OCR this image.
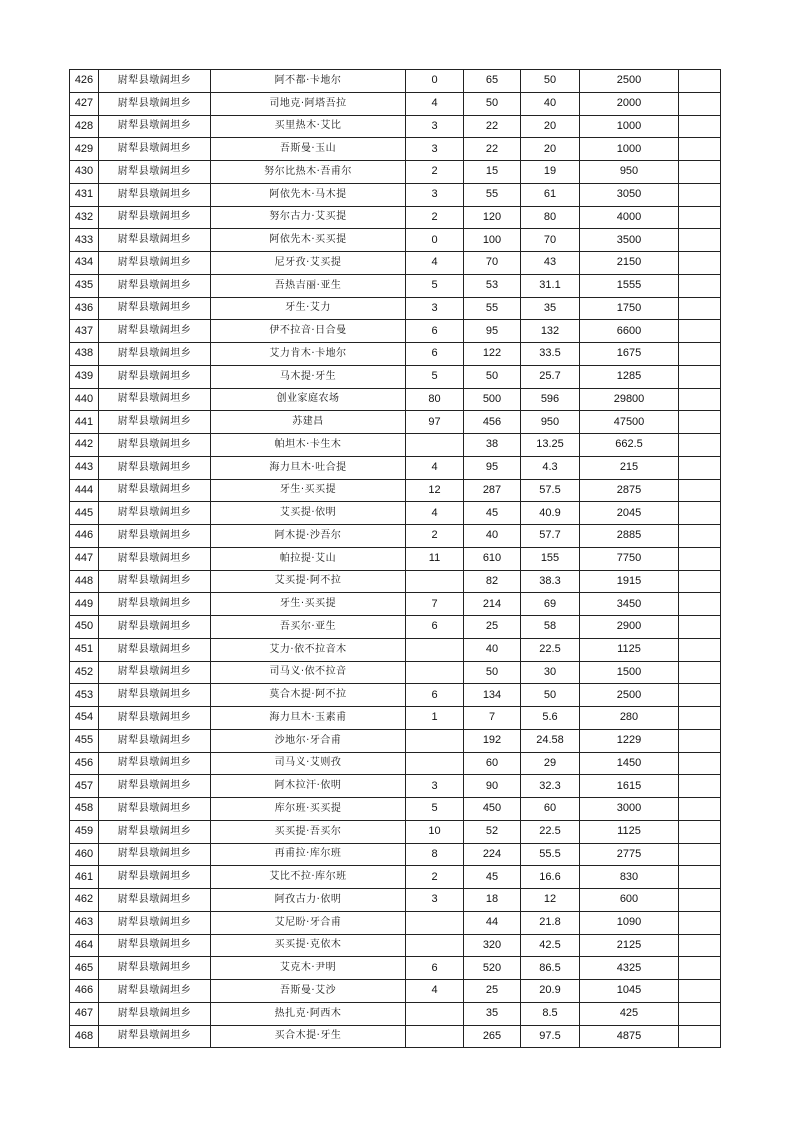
426	尉犁县墩阔坦乡	阿不都·卡地尔	0	65	50	2500	
427	尉犁县墩阔坦乡	司地克·阿塔吾拉	4	50	40	2000	
428	尉犁县墩阔坦乡	买里热木·艾比	3	22	20	1000	
429	尉犁县墩阔坦乡	吾斯曼·玉山	3	22	20	1000	
430	尉犁县墩阔坦乡	努尔比热木·吾甫尔	2	15	19	950	
431	尉犁县墩阔坦乡	阿依先木·马木提	3	55	61	3050	
432	尉犁县墩阔坦乡	努尔古力·艾买提	2	120	80	4000	
433	尉犁县墩阔坦乡	阿依先木·买买提	0	100	70	3500	
434	尉犁县墩阔坦乡	尼牙孜·艾买提	4	70	43	2150	
435	尉犁县墩阔坦乡	吾热吉丽·亚生	5	53	31.1	1555	
436	尉犁县墩阔坦乡	牙生·艾力	3	55	35	1750	
437	尉犁县墩阔坦乡	伊不拉音·日合曼	6	95	132	6600	
438	尉犁县墩阔坦乡	艾力肯木·卡地尔	6	122	33.5	1675	
439	尉犁县墩阔坦乡	马木提·牙生	5	50	25.7	1285	
440	尉犁县墩阔坦乡	创业家庭农场	80	500	596	29800	
441	尉犁县墩阔坦乡	苏建昌	97	456	950	47500	
442	尉犁县墩阔坦乡	帕坦木·卡生木		38	13.25	662.5	
443	尉犁县墩阔坦乡	海力旦木·吐合提	4	95	4.3	215	
444	尉犁县墩阔坦乡	牙生·买买提	12	287	57.5	2875	
445	尉犁县墩阔坦乡	艾买提·依明	4	45	40.9	2045	
446	尉犁县墩阔坦乡	阿木提·沙吾尔	2	40	57.7	2885	
447	尉犁县墩阔坦乡	帕拉提·艾山	11	610	155	7750	
448	尉犁县墩阔坦乡	艾买提·阿不拉		82	38.3	1915	
449	尉犁县墩阔坦乡	牙生·买买提	7	214	69	3450	
450	尉犁县墩阔坦乡	吾买尔·亚生	6	25	58	2900	
451	尉犁县墩阔坦乡	艾力·依不拉音木		40	22.5	1125	
452	尉犁县墩阔坦乡	司马义·依不拉音		50	30	1500	
453	尉犁县墩阔坦乡	莫合木提·阿不拉	6	134	50	2500	
454	尉犁县墩阔坦乡	海力旦木·玉素甫	1	7	5.6	280	
455	尉犁县墩阔坦乡	沙地尔·牙合甫		192	24.58	1229	
456	尉犁县墩阔坦乡	司马义·艾则孜		60	29	1450	
457	尉犁县墩阔坦乡	阿木拉汗·依明	3	90	32.3	1615	
458	尉犁县墩阔坦乡	库尔班·买买提	5	450	60	3000	
459	尉犁县墩阔坦乡	买买提·吾买尔	10	52	22.5	1125	
460	尉犁县墩阔坦乡	再甫拉·库尔班	8	224	55.5	2775	
461	尉犁县墩阔坦乡	艾比不拉·库尔班	2	45	16.6	830	
462	尉犁县墩阔坦乡	阿孜古力·依明	3	18	12	600	
463	尉犁县墩阔坦乡	艾尼盼·牙合甫		44	21.8	1090	
464	尉犁县墩阔坦乡	买买提·克依木		320	42.5	2125	
465	尉犁县墩阔坦乡	艾克木·尹明	6	520	86.5	4325	
466	尉犁县墩阔坦乡	吾斯曼·艾沙	4	25	20.9	1045	
467	尉犁县墩阔坦乡	热扎克·阿西木		35	8.5	425	
468	尉犁县墩阔坦乡	买合木提·牙生		265	97.5	4875	
